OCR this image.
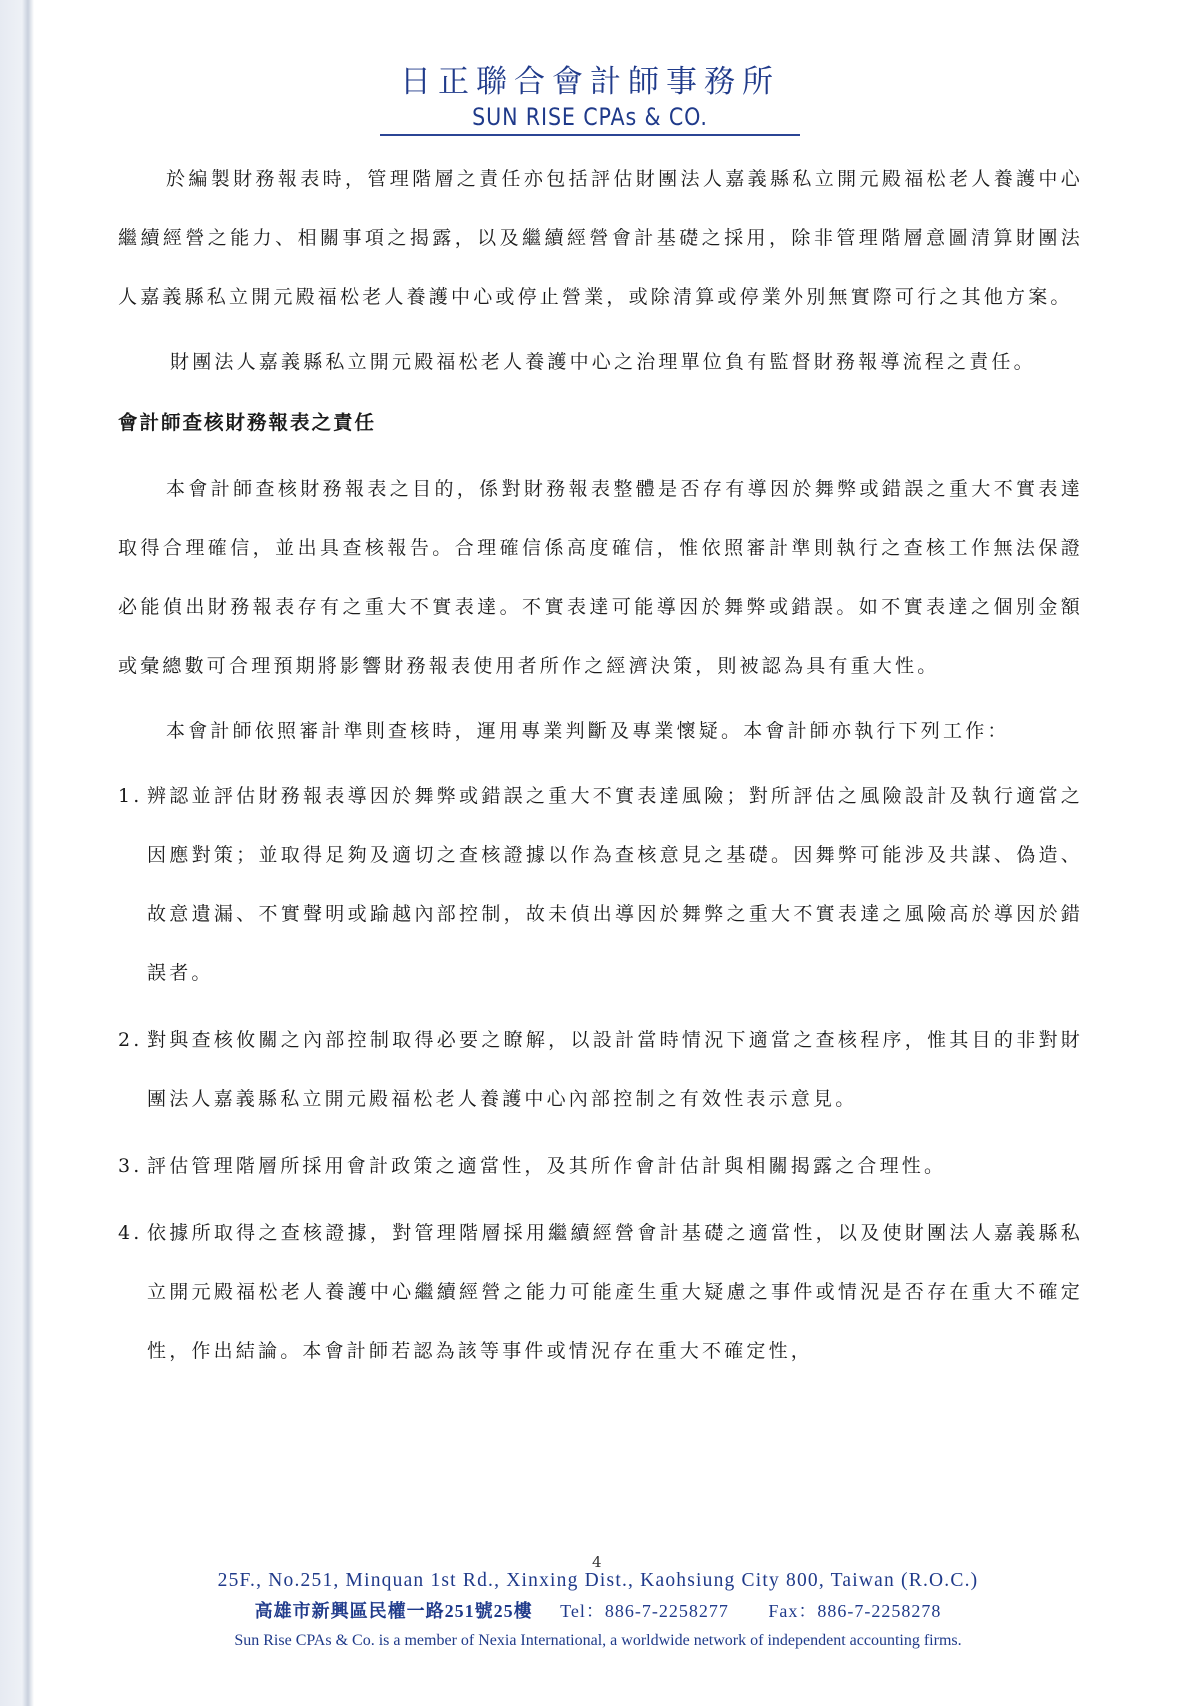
日正聯合會計師事務所
SUN RISE CPAs & CO.

於編製財務報表時，管理階層之責任亦包括評估財團法人嘉義縣私立開元殿福松老人養護中心繼續經營之能力、相關事項之揭露，以及繼續經營會計基礎之採用，除非管理階層意圖清算財團法人嘉義縣私立開元殿福松老人養護中心或停止營業，或除清算或停業外別無實際可行之其他方案。

財團法人嘉義縣私立開元殿福松老人養護中心之治理單位負有監督財務報導流程之責任。

會計師查核財務報表之責任

本會計師查核財務報表之目的，係對財務報表整體是否存有導因於舞弊或錯誤之重大不實表達取得合理確信，並出具查核報告。合理確信係高度確信，惟依照審計準則執行之查核工作無法保證必能偵出財務報表存有之重大不實表達。不實表達可能導因於舞弊或錯誤。如不實表達之個別金額或彙總數可合理預期將影響財務報表使用者所作之經濟決策，則被認為具有重大性。

本會計師依照審計準則查核時，運用專業判斷及專業懷疑。本會計師亦執行下列工作：

1. 辨認並評估財務報表導因於舞弊或錯誤之重大不實表達風險；對所評估之風險設計及執行適當之因應對策；並取得足夠及適切之查核證據以作為查核意見之基礎。因舞弊可能涉及共謀、偽造、故意遺漏、不實聲明或踰越內部控制，故未偵出導因於舞弊之重大不實表達之風險高於導因於錯誤者。
2. 對與查核攸關之內部控制取得必要之瞭解，以設計當時情況下適當之查核程序，惟其目的非對財團法人嘉義縣私立開元殿福松老人養護中心內部控制之有效性表示意見。
3. 評估管理階層所採用會計政策之適當性，及其所作會計估計與相關揭露之合理性。
4. 依據所取得之查核證據，對管理階層採用繼續經營會計基礎之適當性，以及使財團法人嘉義縣私立開元殿福松老人養護中心繼續經營之能力可能產生重大疑慮之事件或情況是否存在重大不確定性，作出結論。本會計師若認為該等事件或情況存在重大不確定性，
4

25F., No.251, Minquan 1st Rd., Xinxing Dist., Kaohsiung City 800, Taiwan (R.O.C.)

高雄市新興區民權一路251號25樓 Tel：886-7-2258277 Fax：886-7-2258278

Sun Rise CPAs & Co. is a member of Nexia International, a worldwide network of independent accounting firms.
